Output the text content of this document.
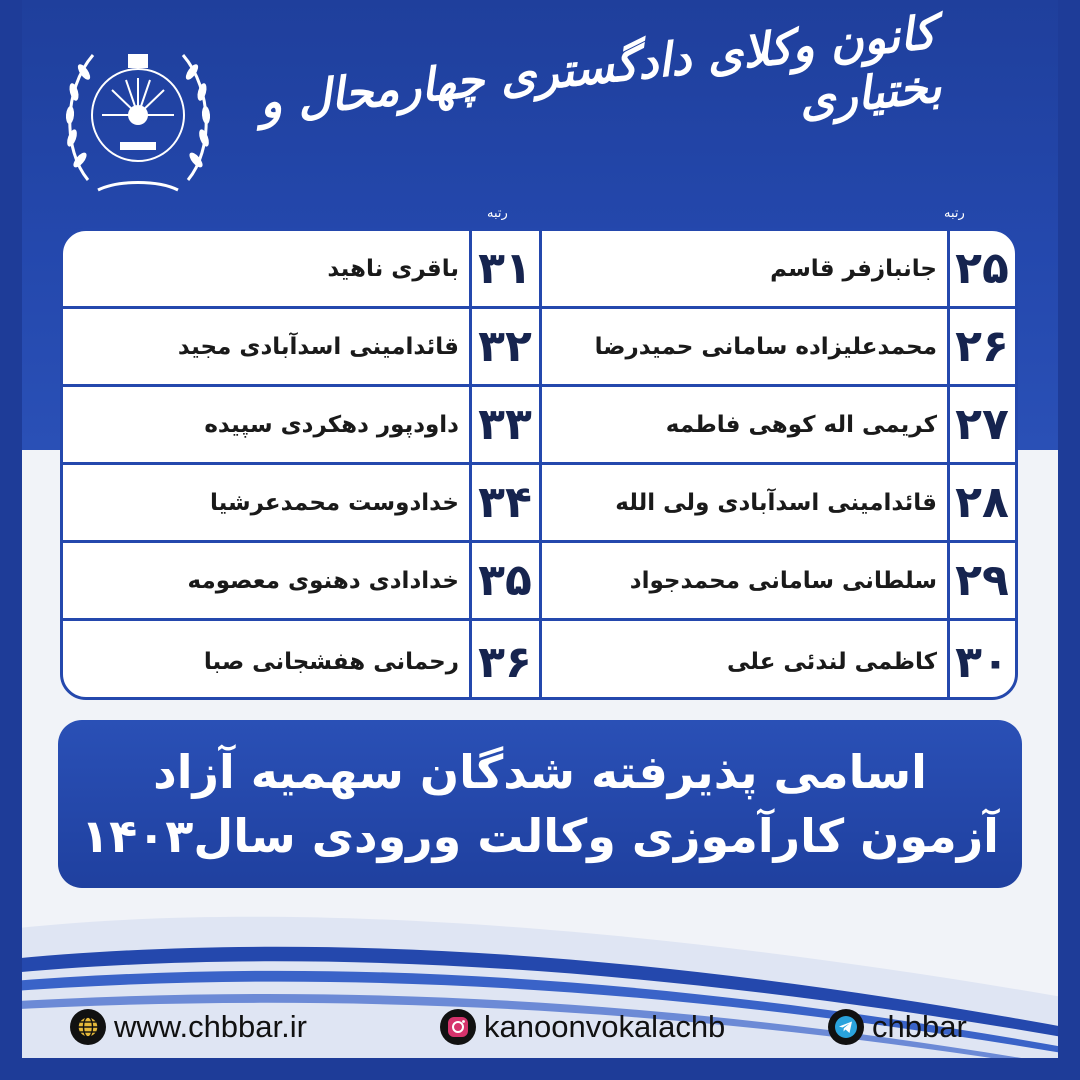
کانون وکلای دادگستری چهارمحال و بختیاری
رتبه
رتبه
۲۵
جانبازفر قاسم
۳۱
باقری ناهید
۲۶
محمدعلیزاده سامانی حمیدرضا
۳۲
قائدامینی اسدآبادی مجید
۲۷
کریمی اله کوهی فاطمه
۳۳
داودپور دهکردی سپیده
۲۸
قائدامینی اسدآبادی ولی الله
۳۴
خدادوست محمدعرشیا
۲۹
سلطانی سامانی محمدجواد
۳۵
خدادادی دهنوی معصومه
۳۰
کاظمی لندئی علی
۳۶
رحمانی هفشجانی صبا
اسامی پذیرفته شدگان سهمیه آزاد
آزمون کارآموزی وکالت ورودی سال۱۴۰۳
www.chbbar.ir	kanoonvokalachb	chbbar
